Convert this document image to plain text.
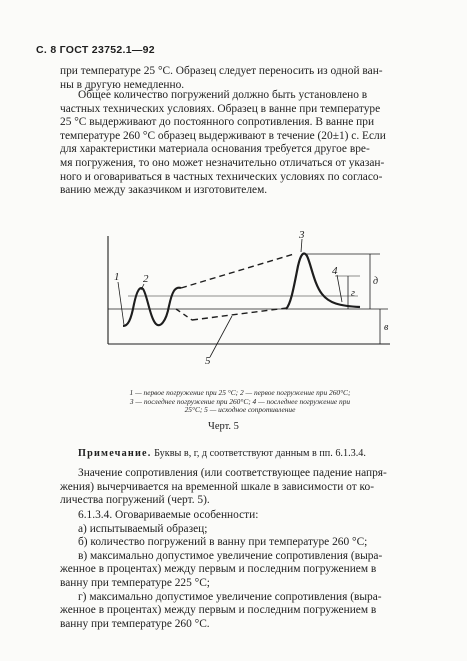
С. 8 ГОСТ 23752.1—92
при температуре 25 °С. Образец следует переносить из одной ван-
ны в другую немедленно.
Общее количество погружений должно быть установлено в
частных технических условиях. Образец в ванне при температуре
25 °С выдерживают до постоянного сопротивления. В ванне при
температуре 260 °С образец выдерживают в течение (20±1) с. Если
для характеристики материала основания требуется другое вре-
мя погружения, то оно может незначительно отличаться от указан-
ного и оговариваться в частных технических условиях по согласо-
ванию между заказчиком и изготовителем.
1 2
3
4
5
в
г
д
1 — первое погружение при 25 °С; 2 — первое погружение при 260°С;
3 — последнее погружение при 260°С; 4 — последнее погружение при
25°С; 5 — исходное сопротивление
Черт. 5
Примечание. Буквы в, г, д соответствуют данным в пп. 6.1.3.4.
Значение сопротивления (или соответствующее падение напря-
жения) вычерчивается на временной шкале в зависимости от ко-
личества погружений (черт. 5).
6.1.3.4. Оговариваемые особенности:
а) испытываемый образец;
б) количество погружений в ванну при температуре 260 °С;
в) максимально допустимое увеличение сопротивления (выра-
женное в процентах) между первым и последним погружением в
ванну при температуре 225 °С;
г) максимально допустимое увеличение сопротивления (выра-
женное в процентах) между первым и последним погружением в
ванну при температуре 260 °С.
